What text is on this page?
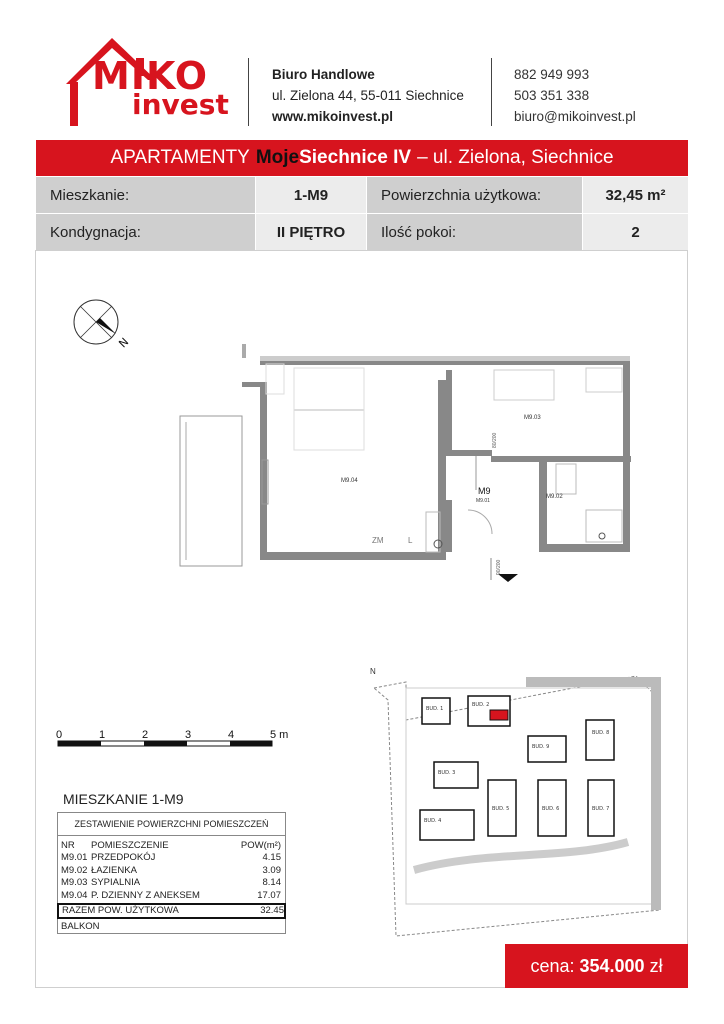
MIKO
invest
Biuro Handlowe
ul. Zielona 44, 55-011 Siechnice
www.mikoinvest.pl
882 949 993
503 351 338
biuro@mikoinvest.pl
APARTAMENTY Moje Siechnice IV – ul. Zielona, Siechnice
Mieszkanie:	1-M9	Powierzchnia użytkowa:	32,45 m²
Kondygnacja:	II PIĘTRO	Ilość pokoi:	2
N
M9.04
M9.03
M9.02
M9
M9.01
ZM	L
80/200
90/200
0	1	2	3	4	5 m
BUD. 1
BUD. 2
BUD. 3
BUD. 4
BUD. 5	BUD. 6	BUD. 7
BUD. 8
BUD. 9
N
MIESZKANIE 1-M9
ZESTAWIENIE POWIERZCHNI POMIESZCZEŃ
NR	POMIESZCZENIE	POW(m²)
M9.01 PRZEDPOKÓJ	4.15
M9.02 ŁAZIENKA	3.09
M9.03 SYPIALNIA	8.14
M9.04 P. DZIENNY Z ANEKSEM	17.07
RAZEM POW. UŻYTKOWA	32.45
BALKON
cena: 354.000 zł
